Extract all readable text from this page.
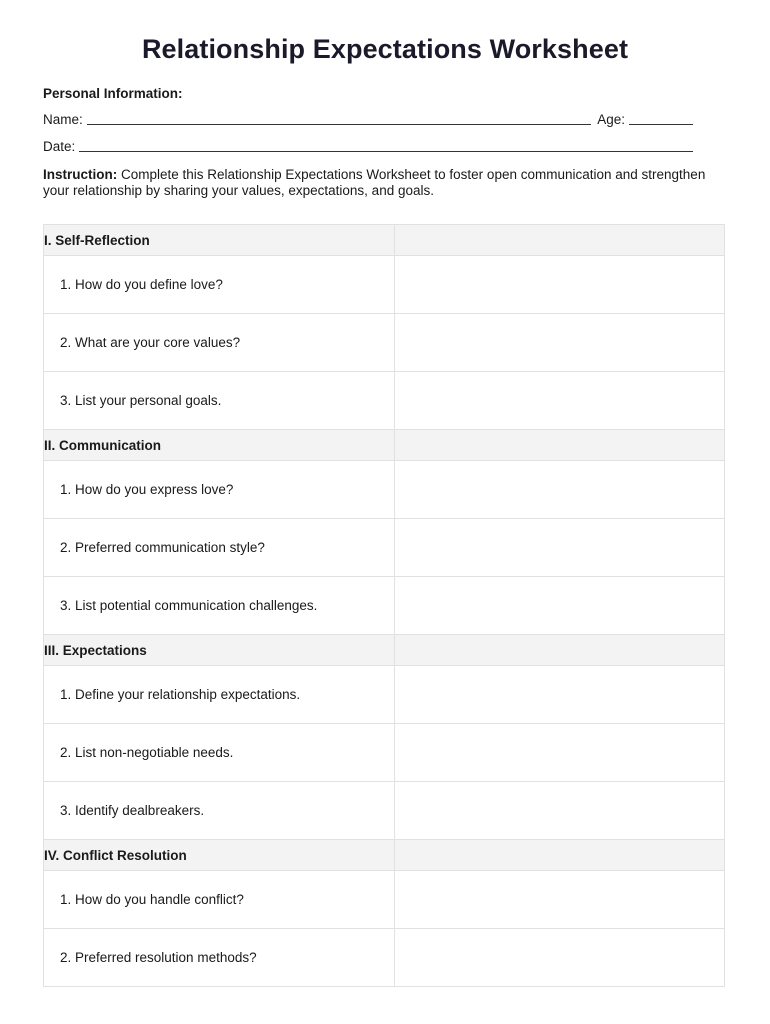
Relationship Expectations Worksheet
Personal Information:
Name:	Age:
Date:
Instruction: Complete this Relationship Expectations Worksheet to foster open communication and strengthen your relationship by sharing your values, expectations, and goals.
I. Self-Reflection	
1. How do you define love?	
2. What are your core values?	
3. List your personal goals.	
II. Communication	
1. How do you express love?	
2. Preferred communication style?	
3. List potential communication challenges.	
III. Expectations	
1. Define your relationship expectations.	
2. List non-negotiable needs.	
3. Identify dealbreakers.	
IV. Conflict Resolution	
1. How do you handle conflict?	
2. Preferred resolution methods?	
